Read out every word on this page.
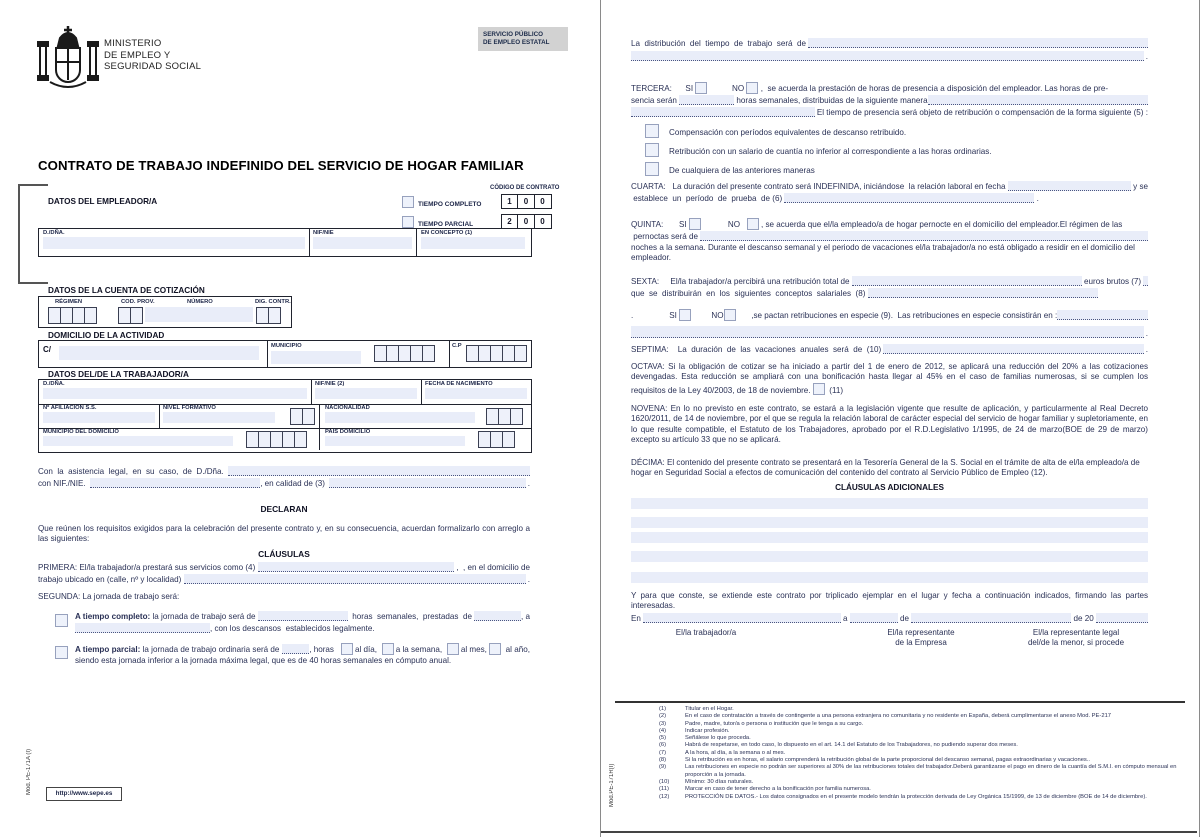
MINISTERIO
DE EMPLEO Y
SEGURIDAD SOCIAL
SERVICIO PÚBLICO
DE EMPLEO ESTATAL
CONTRATO DE TRABAJO INDEFINIDO DEL SERVICIO DE HOGAR FAMILIAR
DATOS DEL EMPLEADOR/A
CÓDIGO DE CONTRATO
TIEMPO COMPLETO
TIEMPO PARCIAL
1	0	0
2	0	0
D./DÑA.	NIF/NIE	EN CONCEPTO (1)
DATOS DE LA CUENTA DE COTIZACIÓN
RÉGIMEN	COD. PROV.	NÚMERO	DIG. CONTR.
DOMICILIO DE LA ACTIVIDAD
C/	MUNICIPIO	C.P
DATOS DEL/DE LA TRABAJADOR/A
D./DÑA.	NIF/NIE (2)	FECHA DE NACIMIENTO
Nº AFILIACIÓN S.S.	NIVEL FORMATIVO	NACIONALIDAD
MUNICIPIO DEL DOMICILIO	PAÍS DOMICILIO
Con  la  asistencia  legal,  en  su  caso,  de  D./Dña.
con NIF./NIE.	, en calidad de (3)	.
DECLARAN
Que reúnen los requisitos exigidos para la celebración del presente contrato y, en su consecuencia, acuerdan formalizarlo con arreglo a las siguientes:
CLÁUSULAS
PRIMERA: El/la trabajador/a prestará sus servicios como (4)	,  , en el domicilio de
trabajo ubicado en (calle, nº y localidad)	.
SEGUNDA: La jornada de trabajo será:
A tiempo completo: la jornada de trabajo será de	horas  semanales,  prestadas  de	, a
, con los descansos  establecidos legalmente.
A tiempo parcial: la jornada de trabajo ordinaria será de	, horas al día, a la semana, al mes, al año,
siendo esta jornada inferior a la jornada máxima legal, que es de 40 horas semanales en cómputo anual.
Mod. PE-171A (I)	http://www.sepe.es
La  distribución  del  tiempo  de  trabajo  será  de
.
TERCERA:      SI NO ,  se acuerda la prestación de horas de presencia a disposición del empleador. Las horas de pre-
sencia serán	horas semanales, distribuidas de la siguiente manera
El tiempo de presencia será objeto de retribución o compensación de la forma siguiente (5) :
Compensación con períodos equivalentes de descanso retribuido.
Retribución con un salario de cuantía no inferior al correspondiente a las horas ordinarias.
De cualquiera de las anteriores maneras
CUARTA:   La duración del presente contrato será INDEFINIDA, iniciándose  la relación laboral en fecha	y se
establece  un  período  de  prueba  de (6)	.
QUINTA:       SI NO , se acuerda que el/la empleado/a de hogar pernocte en el domicilio del empleador.El régimen de las
pernoctas será de
noches a la semana. Durante el descanso semanal y el periodo de vacaciones el/la trabajador/a no está obligado a residir en el domicilio del
empleador.
SEXTA:     El/la trabajador/a percibirá una retribución total de	euros brutos (7)
que  se  distribuirán  en  los  siguientes  conceptos  salariales  (8)
.                SI NO ,se pactan retribuciones en especie (9).  Las retribuciones en especie consistirán en :
.
SEPTIMA:    La  duración  de  las  vacaciones  anuales  será  de  (10)	.
OCTAVA: Si la obligación de cotizar se ha iniciado a partir del 1 de enero de 2012, se aplicará una reducción del 20% a las cotizaciones devengadas. Esta reducción se ampliará con una bonificación hasta llegar al 45% en el caso de familias numerosas, si se cumplen los requisitos de la Ley 40/2003, de 18 de noviembre.   (11)
NOVENA: En lo no previsto en este contrato, se estará a la legislación vigente que resulte de aplicación, y particularmente al Real Decreto 1620/2011, de 14 de noviembre, por el que se regula la relación laboral de carácter especial del servicio de hogar familiar y supletoriamente, en lo que resulte compatible, el Estatuto de los Trabajadores, aprobado por el R.D.Legislativo 1/1995, de 24 de marzo(BOE de 29 de marzo) excepto su artículo 33 que no se aplicará.
DÉCIMA: El contenido del presente contrato se presentará en la Tesorería General de la S. Social en el trámite de alta de el/la empleado/a de hogar en Seguridad Social a efectos de comunicación del contenido del contrato al Servicio Público de Empleo (12).
CLÁUSULAS ADICIONALES
Y para que conste, se extiende este contrato por triplicado ejemplar en el lugar y fecha a continuación indicados, firmando las partes interesadas.
En	a	de	de 20
El/la trabajador/a	El/la representante
de la Empresa
El/la representante legal
del/de la menor, si procede
Mod.PE-171R(I)
(1)	Titular en el Hogar.
(2)	En el caso de contratación a través de contingente a una persona extranjera no comunitaria y no residente en España, deberá cumplimentarse el anexo Mod. PE-217
(3)	Padre, madre, tutor/a o persona o institución que le tenga a su cargo.
(4)	Indicar profesión.
(5)	Señálese lo que proceda.
(6)	Habrá de respetarse, en todo caso, lo dispuesto en el art. 14.1 del Estatuto de los Trabajadores, no pudiendo superar dos meses.
(7)	A la hora, al día, a la semana o al mes.
(8)	Si la retribución es en horas, el salario comprenderá la retribución global de la parte proporcional del descanso semanal, pagas extraordinarias y vacaciones..
(9)	Las retribuciones en especie no podrán ser superiores al 30% de las retribuciones totales del trabajador.Deberá garantizarse el pago en dinero de la cuantía del S.M.I. en cómputo mensual en proporción a la jornada.
(10)	Mínimo: 30 días naturales.
(11)	Marcar en caso de tener derecho a la bonificación por familia numerosa.
(12)	PROTECCIÓN DE DATOS.- Los datos consignados en el presente modelo tendrán la protección derivada de Ley Orgánica 15/1999, de 13 de diciembre (BOE de 14 de diciembre).
